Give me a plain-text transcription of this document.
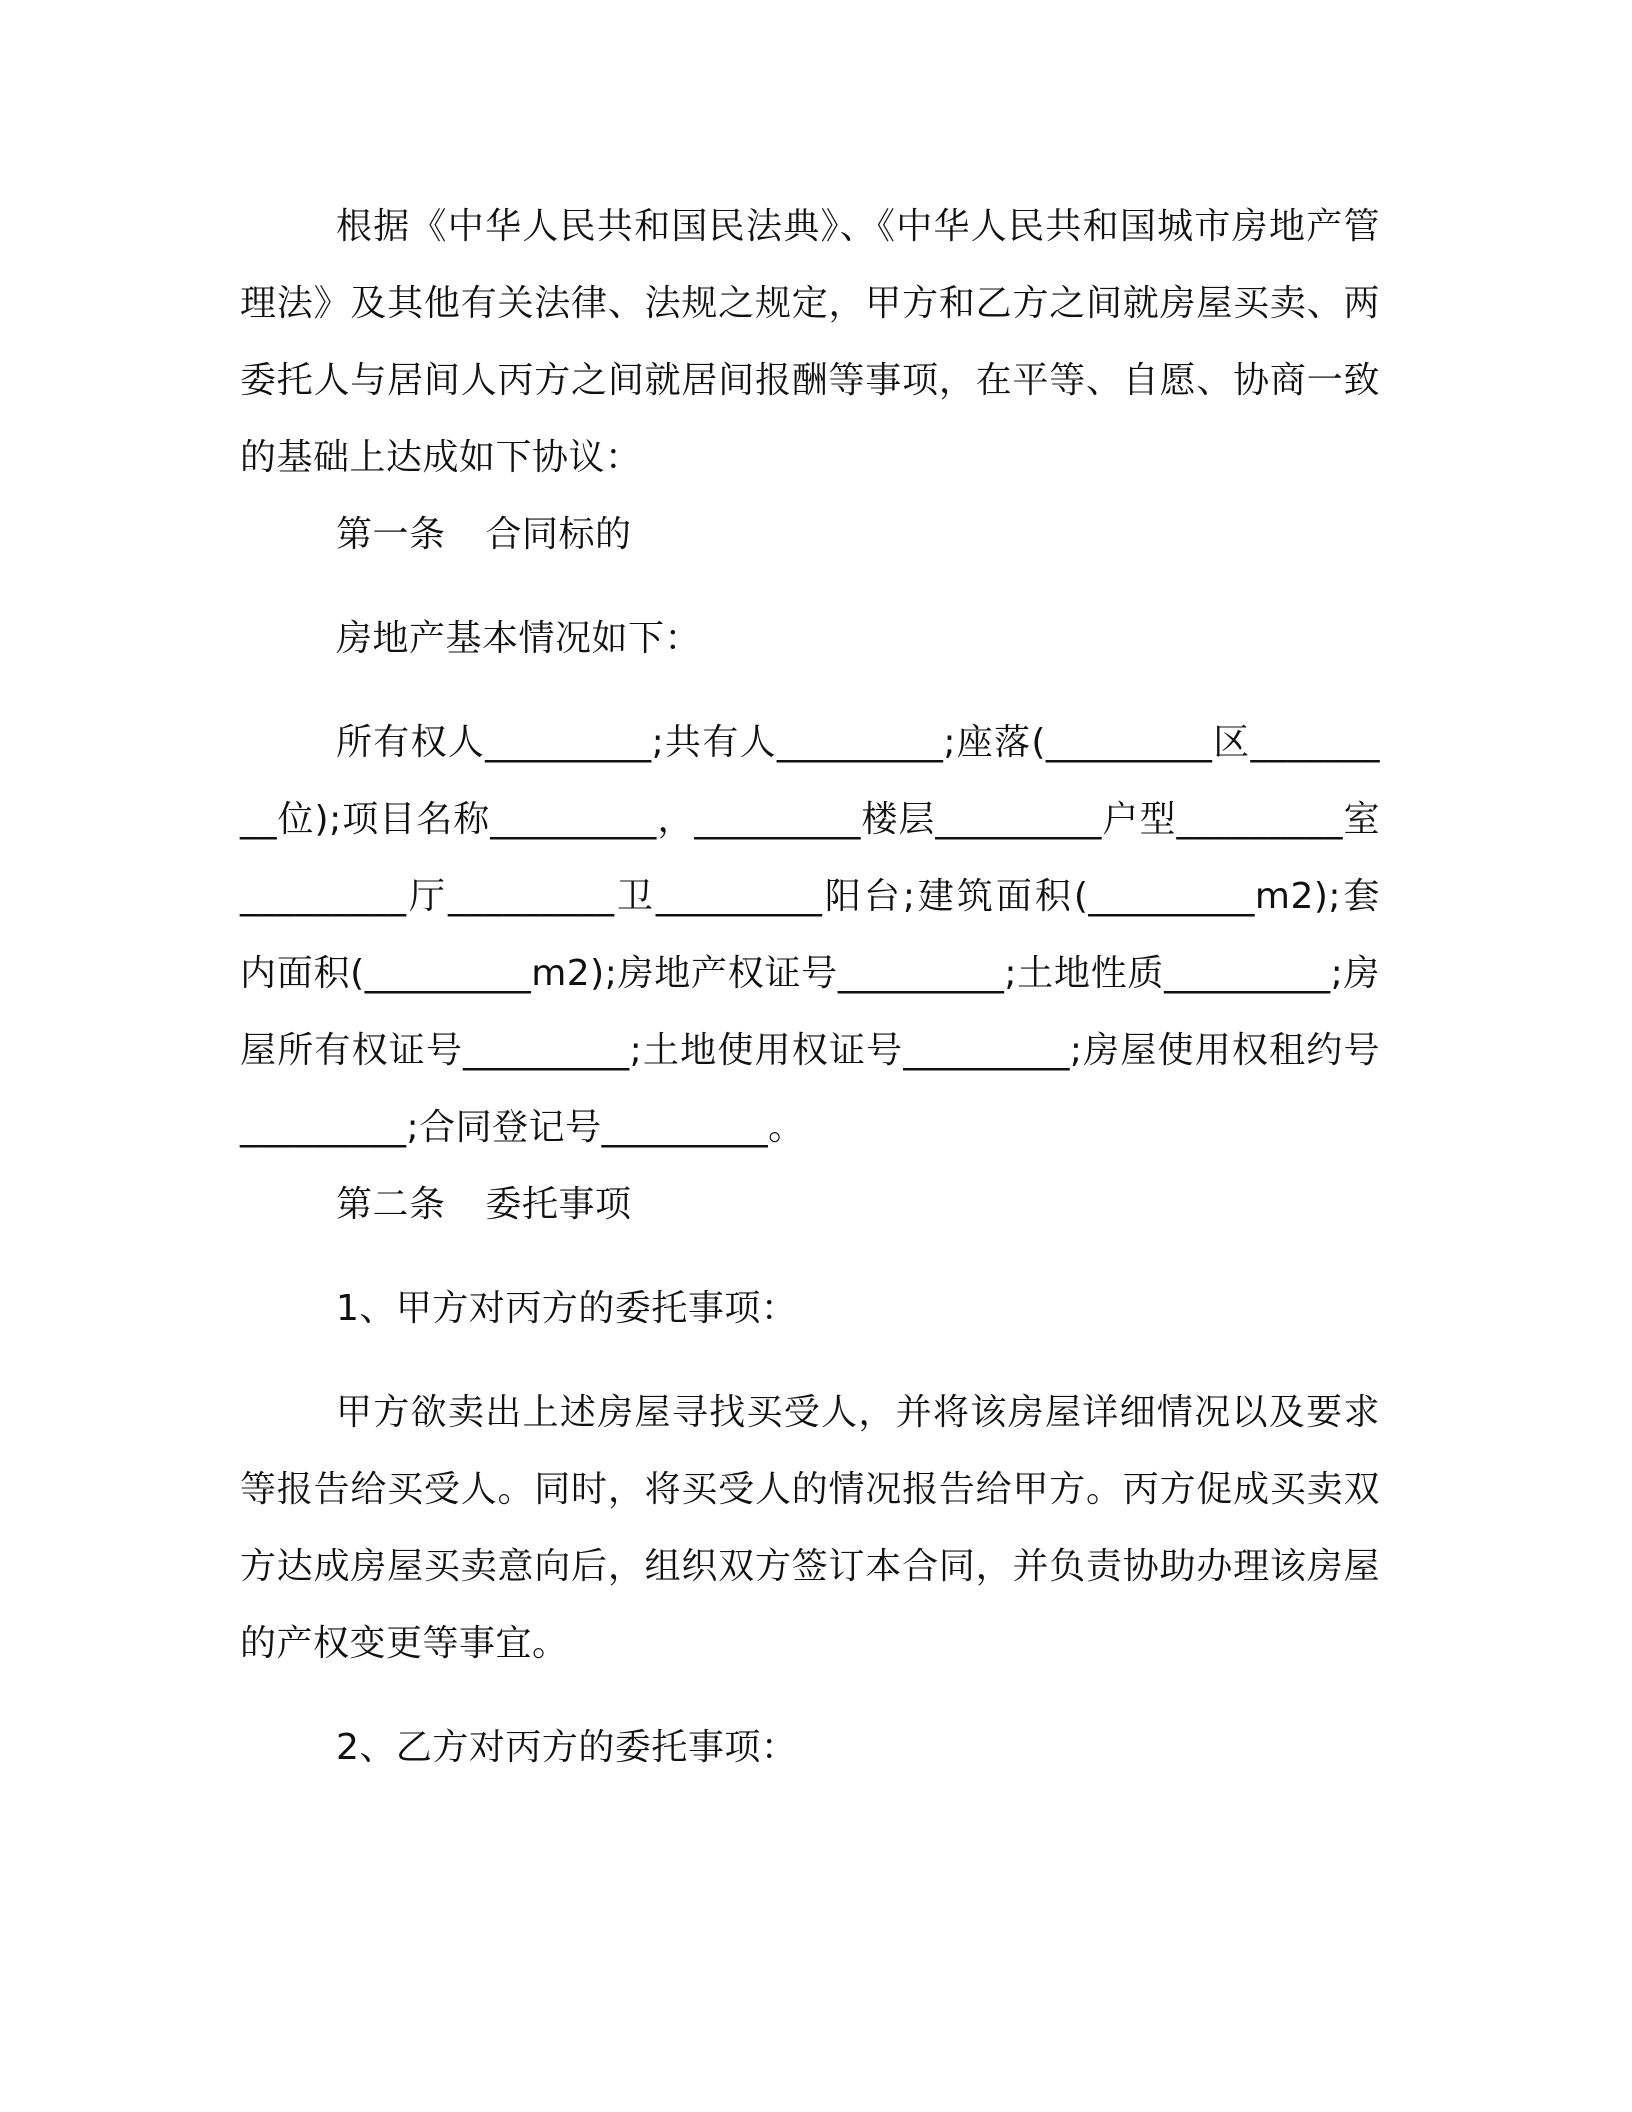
根据《中华人民共和国民法典》、《中华人民共和国城市房地产管理法》及其他有关法律、法规之规定，甲方和乙方之间就房屋买卖、两委托人与居间人丙方之间就居间报酬等事项，在平等、自愿、协商一致的基础上达成如下协议：

第一条 合同标的

房地产基本情况如下：

所有权人_________;共有人_________;座落(_________区_________位);项目名称_________，_________楼层_________户型_________室_________厅_________卫_________阳台;建筑面积(_________m2);套内面积(_________m2);房地产权证号_________;土地性质_________;房屋所有权证号_________;土地使用权证号_________;房屋使用权租约号_________;合同登记号_________。

第二条 委托事项

1、甲方对丙方的委托事项：

甲方欲卖出上述房屋寻找买受人，并将该房屋详细情况以及要求等报告给买受人。同时，将买受人的情况报告给甲方。丙方促成买卖双方达成房屋买卖意向后，组织双方签订本合同，并负责协助办理该房屋的产权变更等事宜。

2、乙方对丙方的委托事项：
